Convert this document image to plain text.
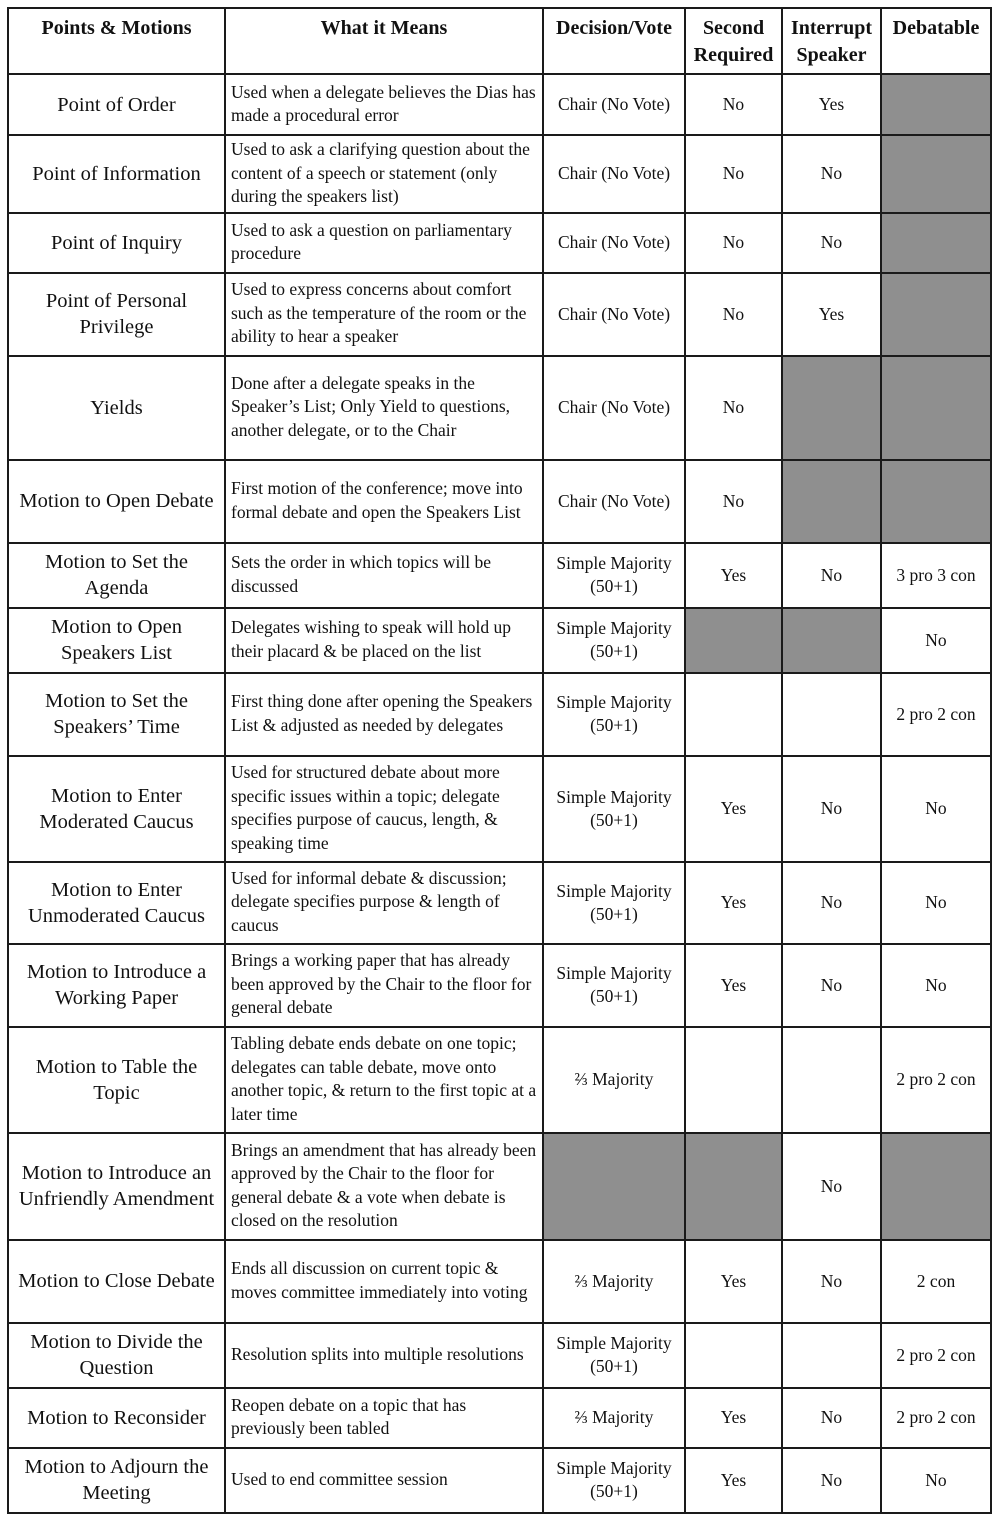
Points & Motions	What it Means	Decision/Vote	Second Required	Interrupt Speaker	Debatable
Point of Order	Used when a delegate believes the Dias has made a procedural error	Chair (No Vote)	No	Yes	
Point of Information	Used to ask a clarifying question about the content of a speech or statement (only during the speakers list)	Chair (No Vote)	No	No	
Point of Inquiry	Used to ask a question on parliamentary procedure	Chair (No Vote)	No	No	
Point of Personal Privilege	Used to express concerns about comfort such as the temperature of the room or the ability to hear a speaker	Chair (No Vote)	No	Yes	
Yields	Done after a delegate speaks in the Speaker’s List; Only Yield to questions, another delegate, or to the Chair	Chair (No Vote)	No		
Motion to Open Debate	First motion of the conference; move into formal debate and open the Speakers List	Chair (No Vote)	No		
Motion to Set the Agenda	Sets the order in which topics will be discussed	Simple Majority (50+1)	Yes	No	3 pro 3 con
Motion to Open Speakers List	Delegates wishing to speak will hold up their placard & be placed on the list	Simple Majority (50+1)			No
Motion to Set the Speakers’ Time	First thing done after opening the Speakers List & adjusted as needed by delegates	Simple Majority (50+1)			2 pro 2 con
Motion to Enter Moderated Caucus	Used for structured debate about more specific issues within a topic; delegate specifies purpose of caucus, length, & speaking time	Simple Majority (50+1)	Yes	No	No
Motion to Enter Unmoderated Caucus	Used for informal debate & discussion; delegate specifies purpose & length of caucus	Simple Majority (50+1)	Yes	No	No
Motion to Introduce a Working Paper	Brings a working paper that has already been approved by the Chair to the floor for general debate	Simple Majority (50+1)	Yes	No	No
Motion to Table the Topic	Tabling debate ends debate on one topic; delegates can table debate, move onto another topic, & return to the first topic at a later time	⅔ Majority			2 pro 2 con
Motion to Introduce an Unfriendly Amendment	Brings an amendment that has already been approved by the Chair to the floor for general debate & a vote when debate is closed on the resolution			No	
Motion to Close Debate	Ends all discussion on current topic & moves committee immediately into voting	⅔ Majority	Yes	No	2 con
Motion to Divide the Question	Resolution splits into multiple resolutions	Simple Majority (50+1)			2 pro 2 con
Motion to Reconsider	Reopen debate on a topic that has previously been tabled	⅔ Majority	Yes	No	2 pro 2 con
Motion to Adjourn the Meeting	Used to end committee session	Simple Majority (50+1)	Yes	No	No
